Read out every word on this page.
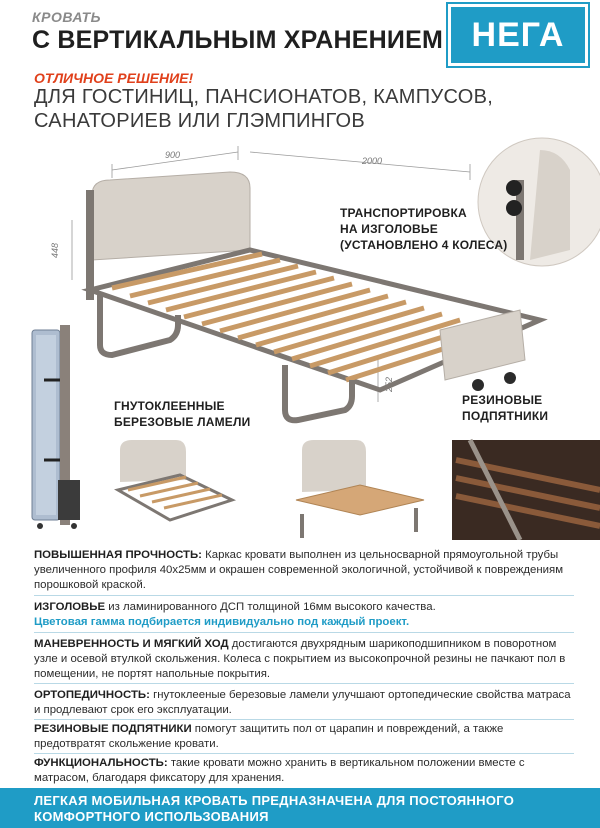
КРОВАТЬ
С ВЕРТИКАЛЬНЫМ ХРАНЕНИЕМ НЕГА
ОТЛИЧНОЕ РЕШЕНИЕ!
ДЛЯ ГОСТИНИЦ, ПАНСИОНАТОВ, КАМПУСОВ,
САНАТОРИЕВ ИЛИ ГЛЭМПИНГОВ
900
2000
448
252
ТРАНСПОРТИРОВКА
НА ИЗГОЛОВЬЕ
(УСТАНОВЛЕНО 4 КОЛЕСА)
ГНУТОКЛЕЕННЫЕ
БЕРЕЗОВЫЕ ЛАМЕЛИ
РЕЗИНОВЫЕ
ПОДПЯТНИКИ
ПОВЫШЕННАЯ ПРОЧНОСТЬ: Каркас кровати выполнен из цельносварной прямоугольной трубы увеличенного профиля 40x25мм и окрашен современной экологичной, устойчивой к повреждениям порошковой краской.
ИЗГОЛОВЬЕ из ламинированного ДСП толщиной 16мм высокого качества.
Цветовая гамма подбирается индивидуально под каждый проект.
МАНЕВРЕННОСТЬ И МЯГКИЙ ХОД достигаются двухрядным шарикоподшипником в поворотном узле и осевой втулкой скольжения. Колеса с покрытием из высокопрочной резины не пачкают пол в помещении, не портят напольные покрытия.
ОРТОПЕДИЧНОСТЬ: гнутоклееные березовые ламели улучшают ортопедические свойства матраса и продлевают срок его эксплуатации.
РЕЗИНОВЫЕ ПОДПЯТНИКИ помогут защитить пол от царапин и повреждений, а также предотвратят скольжение кровати.
ФУНКЦИОНАЛЬНОСТЬ: такие кровати можно хранить в вертикальном положении вместе с матрасом, благодаря фиксатору для хранения.
ЛЕГКАЯ МОБИЛЬНАЯ КРОВАТЬ ПРЕДНАЗНАЧЕНА ДЛЯ ПОСТОЯННОГО
КОМФОРТНОГО ИСПОЛЬЗОВАНИЯ
